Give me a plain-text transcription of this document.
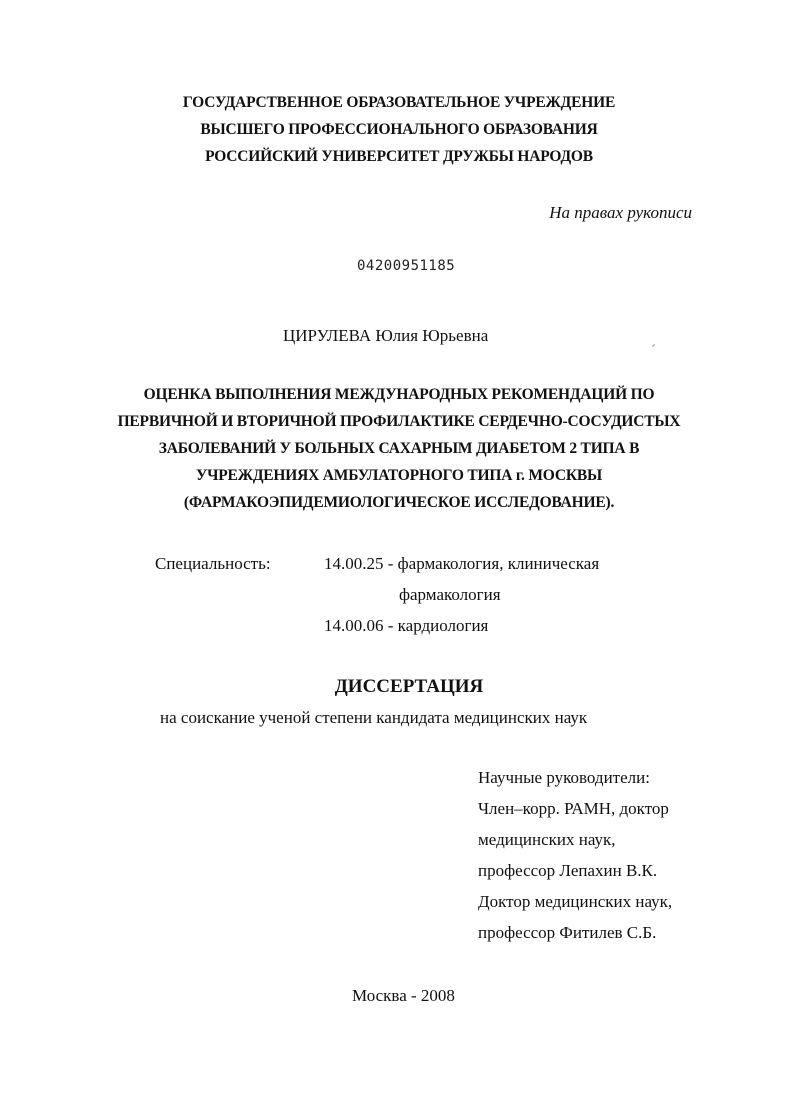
ГОСУДАРСТВЕННОЕ ОБРАЗОВАТЕЛЬНОЕ УЧРЕЖДЕНИЕ
ВЫСШЕГО ПРОФЕССИОНАЛЬНОГО ОБРАЗОВАНИЯ
РОССИЙСКИЙ УНИВЕРСИТЕТ ДРУЖБЫ НАРОДОВ
На правах рукописи
04200951185
ЦИРУЛЕВА Юлия Юрьевна
ОЦЕНКА ВЫПОЛНЕНИЯ МЕЖДУНАРОДНЫХ РЕКОМЕНДАЦИЙ ПО
ПЕРВИЧНОЙ И ВТОРИЧНОЙ ПРОФИЛАКТИКЕ СЕРДЕЧНО-СОСУДИСТЫХ
ЗАБОЛЕВАНИЙ У БОЛЬНЫХ САХАРНЫМ ДИАБЕТОМ 2 ТИПА В
УЧРЕЖДЕНИЯХ АМБУЛАТОРНОГО ТИПА г. МОСКВЫ
(ФАРМАКОЭПИДЕМИОЛОГИЧЕСКОЕ ИССЛЕДОВАНИЕ).
Специальность:	14.00.25 - фармакология, клиническая
фармакология
14.00.06 - кардиология
ДИССЕРТАЦИЯ
на соискание ученой степени кандидата медицинских наук
Научные руководители:
Член–корр. РАМН, доктор
медицинских наук,
профессор Лепахин В.К.
Доктор медицинских наук,
профессор Фитилев С.Б.
Москва - 2008
